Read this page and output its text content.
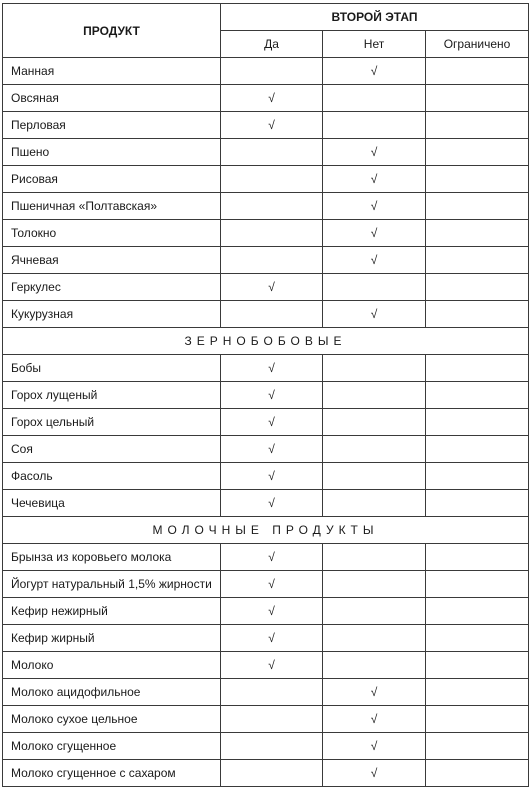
ПРОДУКТ	ВТОРОЙ ЭТАП		
	Да	Нет	Ограничено
Манная		√	
Овсяная	√		
Перловая	√		
Пшено		√	
Рисовая		√	
Пшеничная «Полтавская»		√	
Толокно		√	
Ячневая		√	
Геркулес	√		
Кукурузная		√	
ЗЕРНОБОБОВЫЕ			
Бобы	√		
Горох лущеный	√		
Горох цельный	√		
Соя	√		
Фасоль	√		
Чечевица	√		
МОЛОЧНЫЕ ПРОДУКТЫ			
Брынза из коровьего молока	√		
Йогурт натуральный 1,5% жирности	√		
Кефир нежирный	√		
Кефир жирный	√		
Молоко	√		
Молоко ацидофильное		√	
Молоко сухое цельное		√	
Молоко сгущенное		√	
Молоко сгущенное с сахаром		√	
